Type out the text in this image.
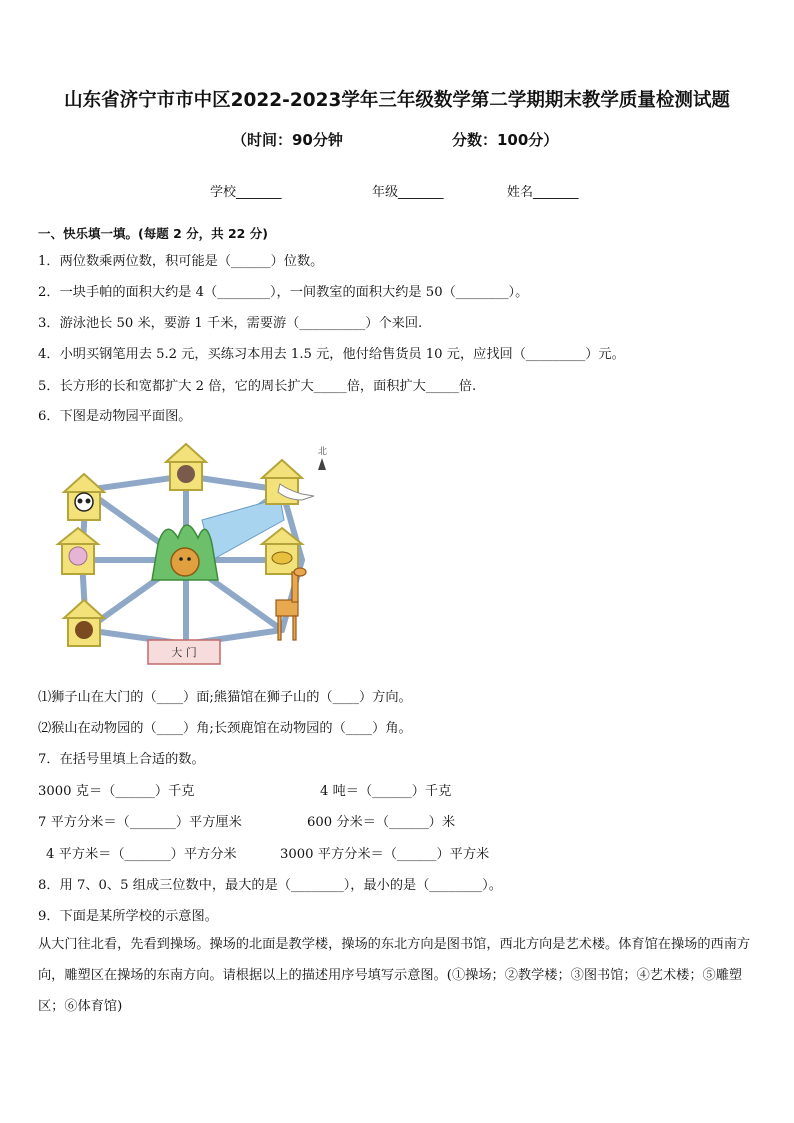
山东省济宁市市中区2022-2023学年三年级数学第二学期期末教学质量检测试题
（时间：90分钟	分数：100分）
学校_______	年级_______	姓名_______
一、快乐填一填。(每题 2 分，共 22 分)
1．两位数乘两位数，积可能是（______）位数。
2．一块手帕的面积大约是 4（________），一间教室的面积大约是 50（________）。
3．游泳池长 50 米，要游 1 千米，需要游（__________）个来回.
4．小明买钢笔用去 5.2 元，买练习本用去 1.5 元，他付给售货员 10 元，应找回（_________）元。
5．长方形的长和宽都扩大 2 倍，它的周长扩大_____倍，面积扩大_____倍.
6．下图是动物园平面图。
北
大 门
⑴狮子山在大门的（____）面;熊猫馆在狮子山的（____）方向。
⑵猴山在动物园的（____）角;长颈鹿馆在动物园的（____）角。
7．在括号里填上合适的数。
3000 克＝（______）千克	4 吨＝（______）千克
7 平方分米＝（_______）平方厘米	600 分米＝（______）米
4 平方米＝（_______）平方分米	3000 平方分米＝（______）平方米
8．用 7、0、5 组成三位数中，最大的是（________），最小的是（________）。
9．下面是某所学校的示意图。
从大门往北看，先看到操场。操场的北面是教学楼，操场的东北方向是图书馆，西北方向是艺术楼。体育馆在操场的西南方向，雕塑区在操场的东南方向。请根据以上的描述用序号填写示意图。(①操场；②教学楼；③图书馆；④艺术楼；⑤雕塑区；⑥体育馆)
